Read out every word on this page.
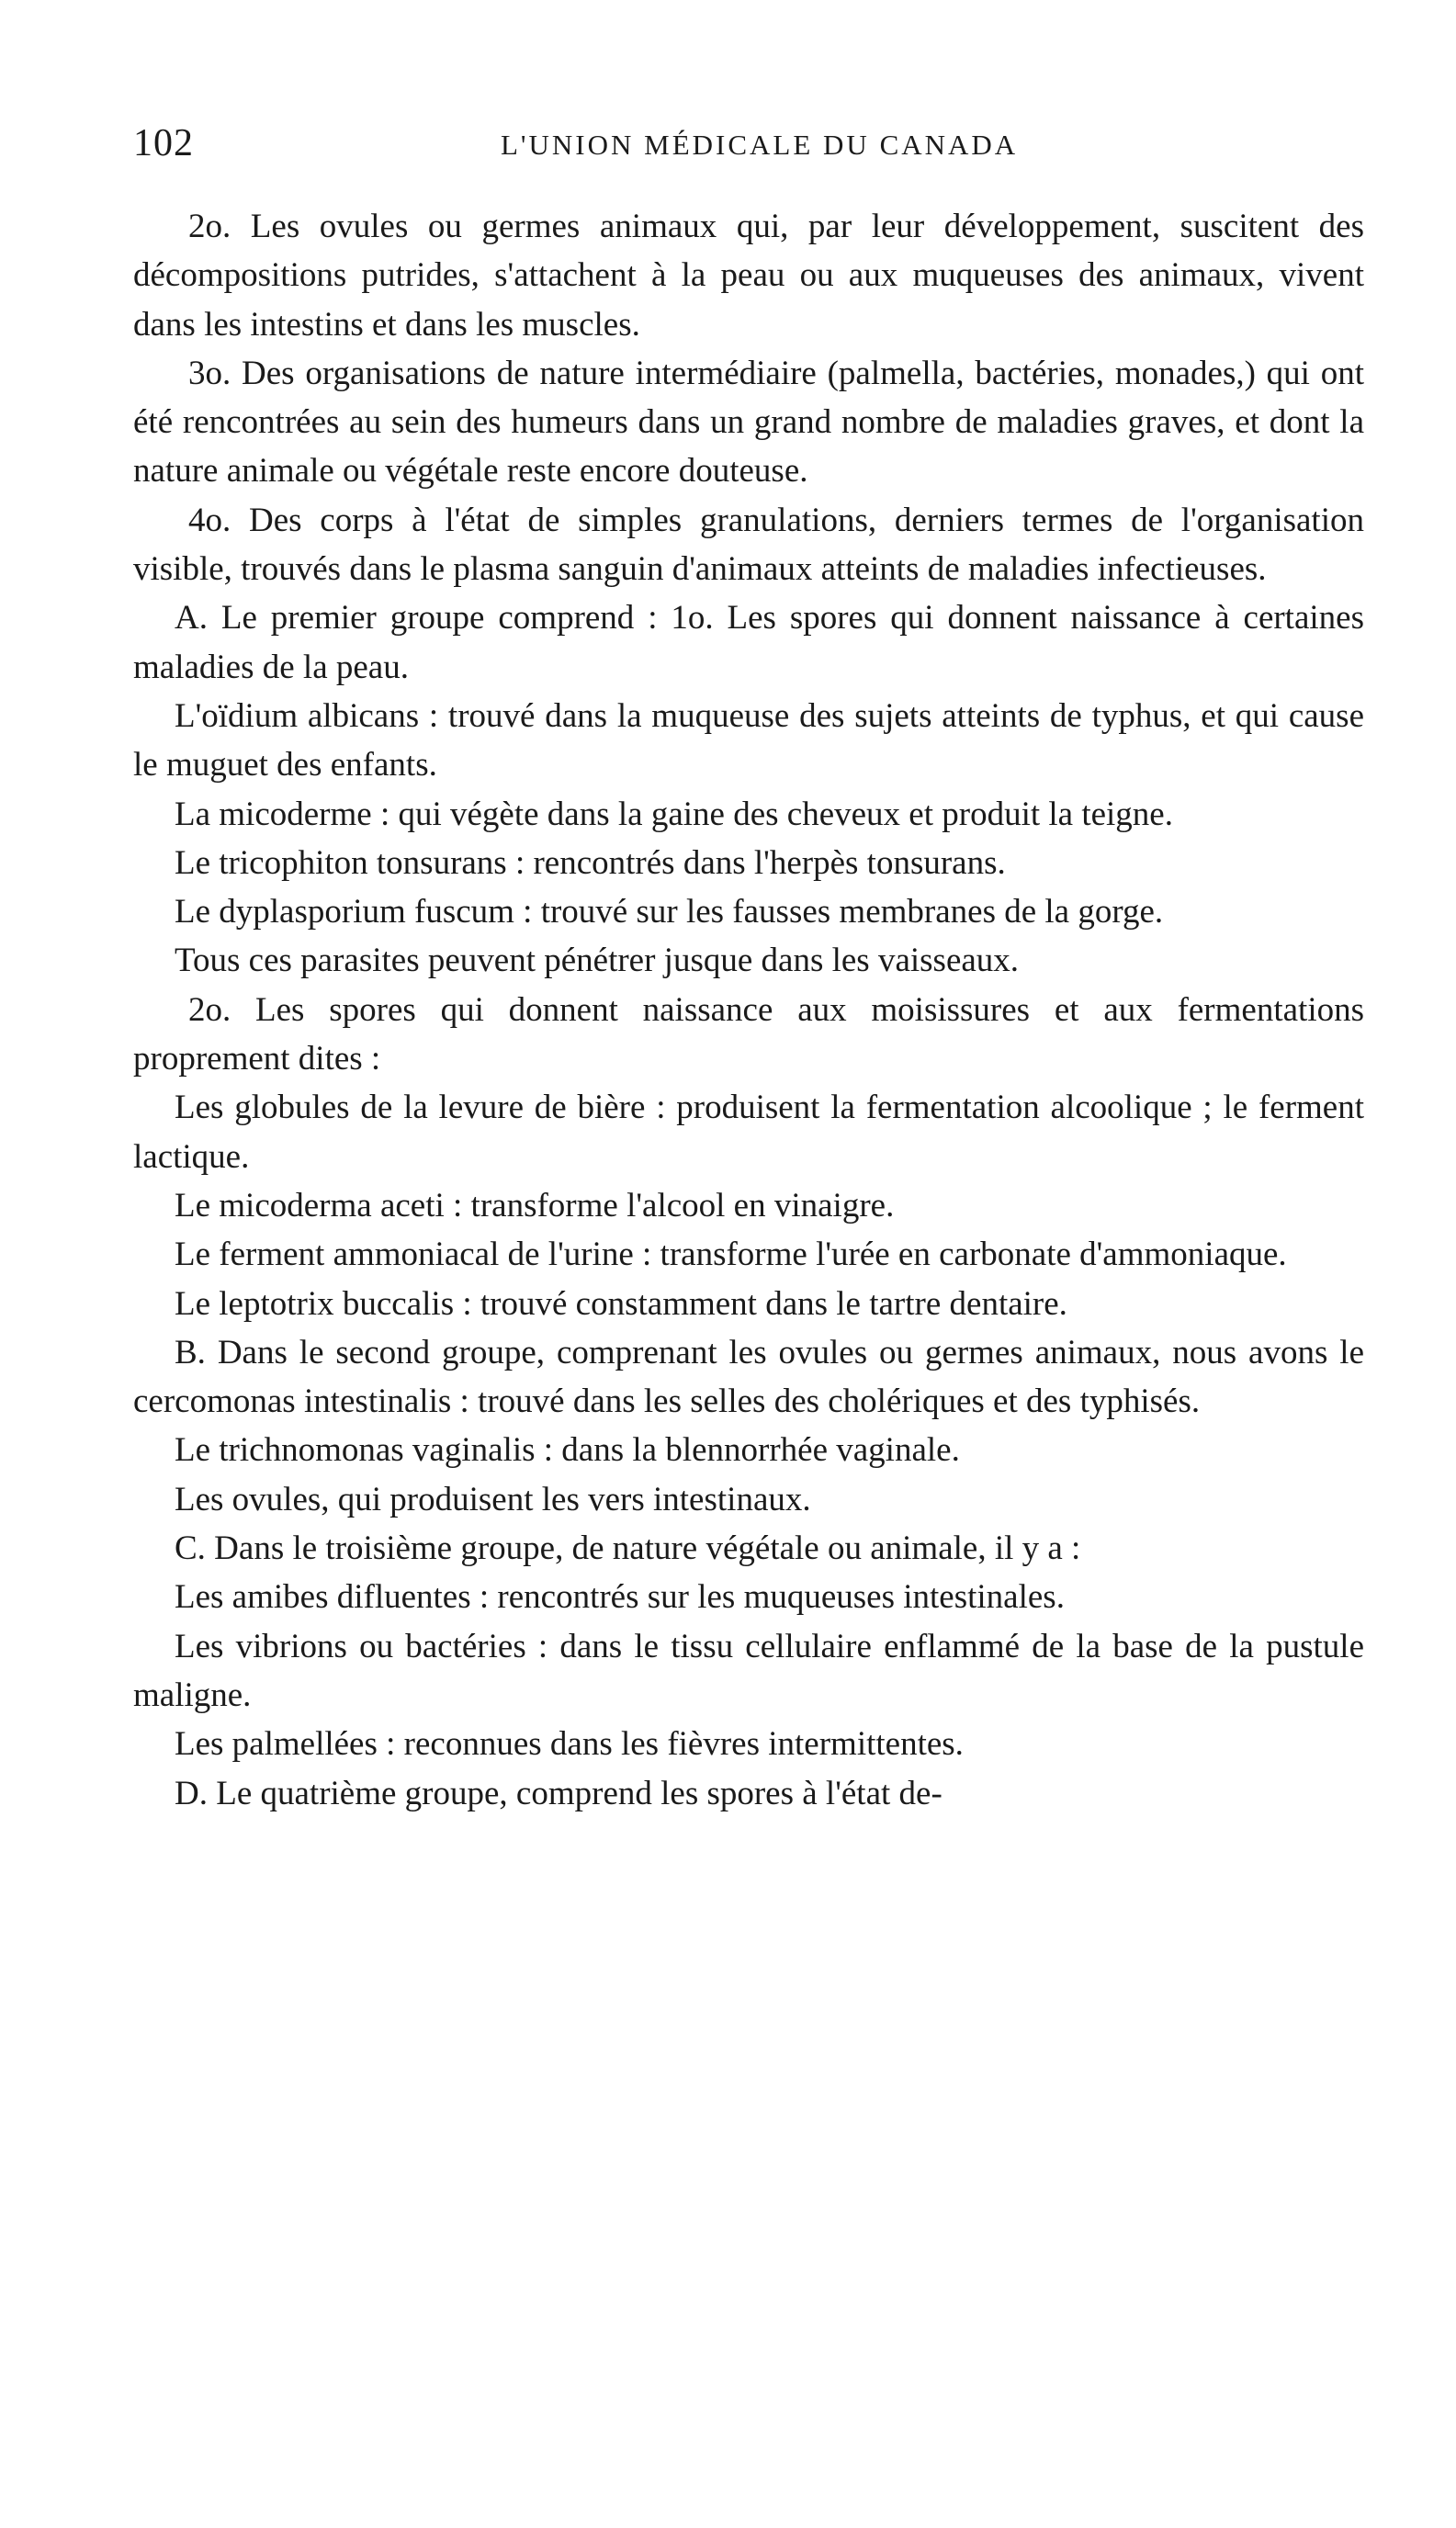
102	L'UNION MÉDICALE DU CANADA

2o. Les ovules ou germes animaux qui, par leur développement, suscitent des décompositions putrides, s'attachent à la peau ou aux muqueuses des animaux, vivent dans les intestins et dans les muscles.

3o. Des organisations de nature intermédiaire (palmella, bactéries, monades,) qui ont été rencontrées au sein des humeurs dans un grand nombre de maladies graves, et dont la nature animale ou végétale reste encore douteuse.

4o. Des corps à l'état de simples granulations, derniers termes de l'organisation visible, trouvés dans le plasma sanguin d'animaux atteints de maladies infectieuses.

A. Le premier groupe comprend : 1o. Les spores qui donnent naissance à certaines maladies de la peau.

L'oïdium albicans : trouvé dans la muqueuse des sujets atteints de typhus, et qui cause le muguet des enfants.

La micoderme : qui végète dans la gaine des cheveux et produit la teigne.

Le tricophiton tonsurans : rencontrés dans l'herpès tonsurans.

Le dyplasporium fuscum : trouvé sur les fausses membranes de la gorge.

Tous ces parasites peuvent pénétrer jusque dans les vaisseaux.

2o. Les spores qui donnent naissance aux moisissures et aux fermentations proprement dites :

Les globules de la levure de bière : produisent la fermentation alcoolique ; le ferment lactique.

Le micoderma aceti : transforme l'alcool en vinaigre.

Le ferment ammoniacal de l'urine : transforme l'urée en carbonate d'ammoniaque.

Le leptotrix buccalis : trouvé constamment dans le tartre dentaire.

B. Dans le second groupe, comprenant les ovules ou germes animaux, nous avons le cercomonas intestinalis : trouvé dans les selles des cholériques et des typhisés.

Le trichnomonas vaginalis : dans la blennorrhée vaginale.

Les ovules, qui produisent les vers intestinaux.

C. Dans le troisième groupe, de nature végétale ou animale, il y a :

Les amibes difluentes : rencontrés sur les muqueuses intestinales.

Les vibrions ou bactéries : dans le tissu cellulaire enflammé de la base de la pustule maligne.

Les palmellées : reconnues dans les fièvres intermittentes.

D. Le quatrième groupe, comprend les spores à l'état de-
